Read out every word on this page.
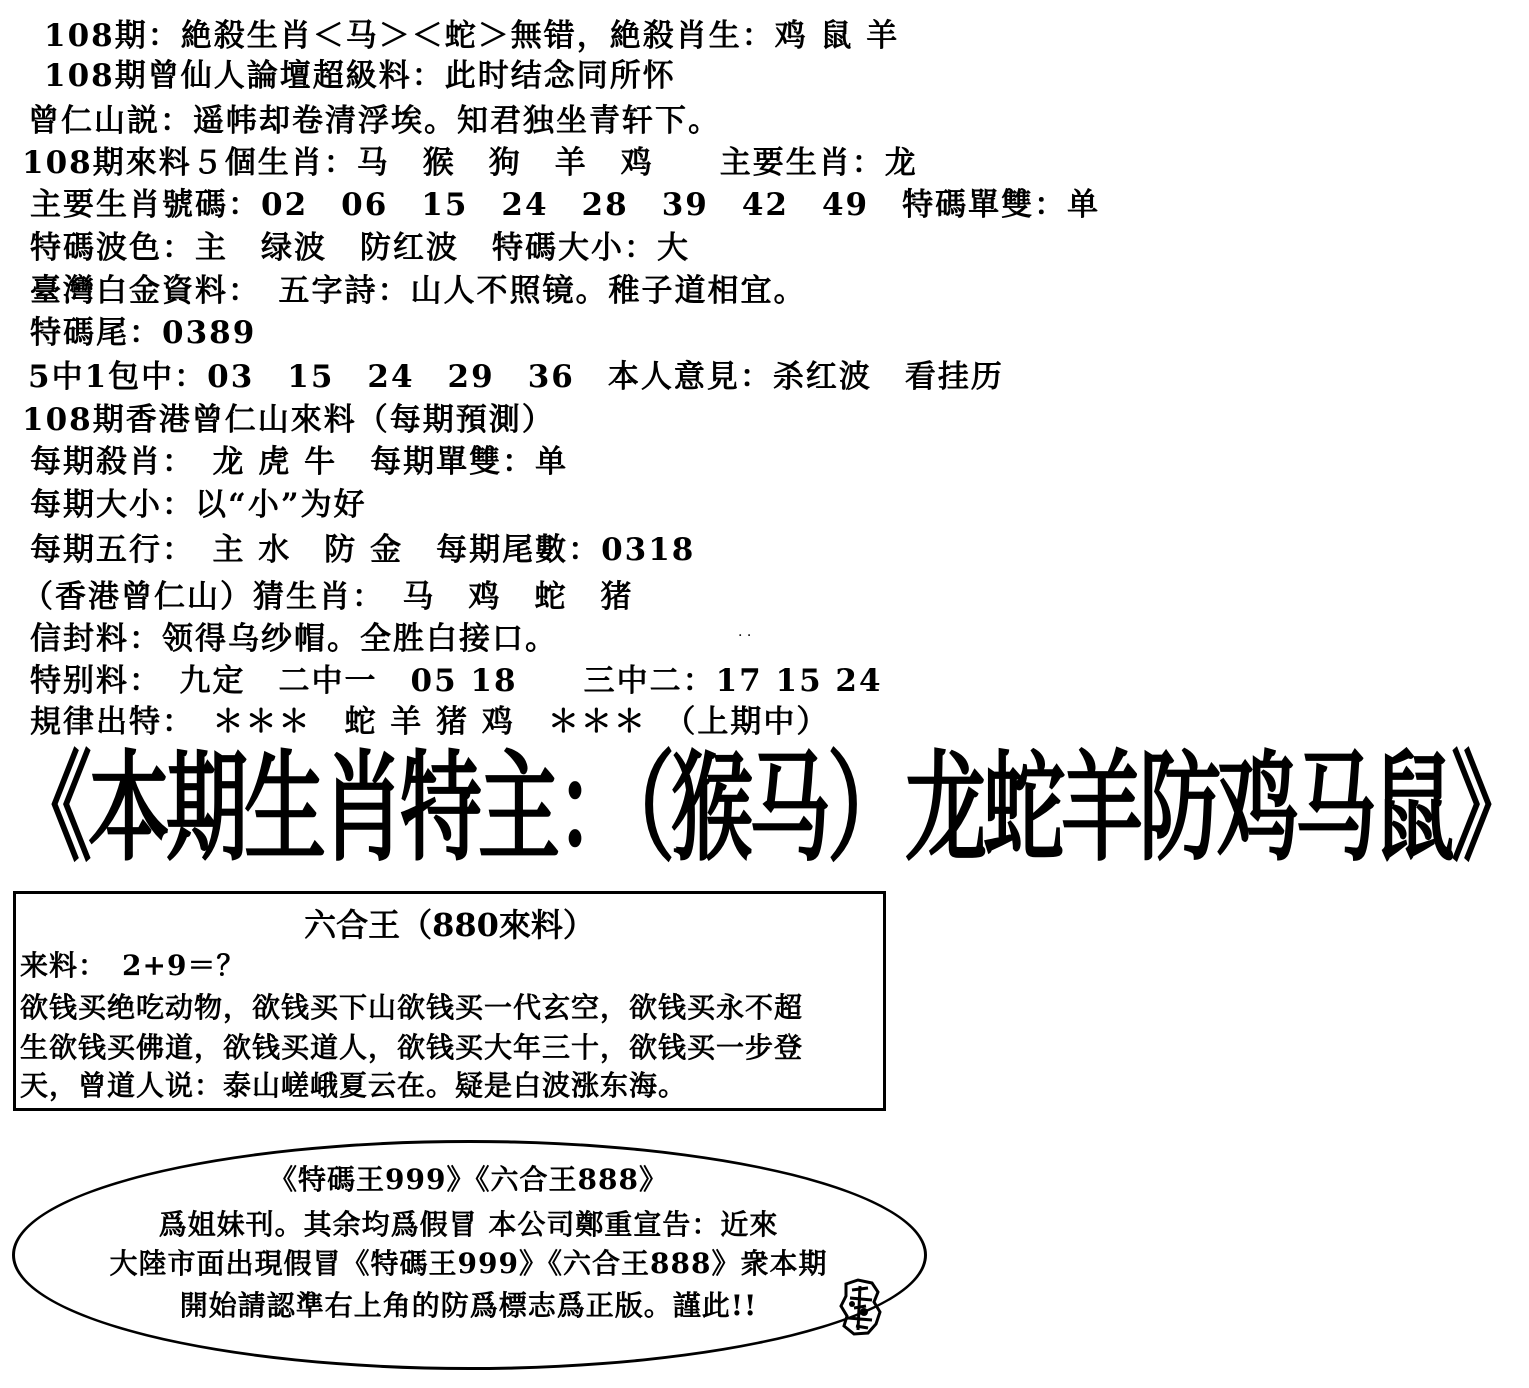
108期：絶殺生肖＜马＞＜蛇＞無错，絶殺肖生：鸡 鼠 羊
108期曾仙人論壇超級料：此时结念同所怀
曾仁山説：遥帏却卷清浮埃。知君独坐青轩下。
108期來料５個生肖：马　猴　狗　羊　鸡　　主要生肖：龙
主要生肖號碼：02　06　15　24　28　39　42　49　特碼單雙：单
特碼波色：主　绿波　防红波　特碼大小：大
臺灣白金資料：　五字詩：山人不照镜。稚子道相宜。
特碼尾：0389
5中1包中：03　15　24　29　36　本人意見：杀红波　看挂历
108期香港曾仁山來料（每期預測）
每期殺肖：　龙 虎 牛　每期單雙：单
每期大小：以“小”为好
每期五行：　主 水　防 金　每期尾數：0318
（香港曾仁山）猜生肖：　马　鸡　蛇　猪
信封料：领得乌纱帽。全胜白接口。
特别料：　九定　二中一　05 18　　三中二：17 15 24
規律出特：　＊＊＊　蛇 羊 猪 鸡　＊＊＊　（上期中）
· ·
《本期生肖特主：（猴马）龙蛇羊防鸡马鼠》
六合王（880來料）
来料：　2+9＝？
欲钱买绝吃动物，欲钱买下山欲钱买一代玄空，欲钱买永不超
生欲钱买佛道，欲钱买道人，欲钱买大年三十，欲钱买一步登
天，曾道人说：泰山嵯峨夏云在。疑是白波涨东海。
《特碼王999》《六合王888》
爲姐妹刊。其余均爲假冒 本公司鄭重宣告：近來
大陸市面出現假冒《特碼王999》《六合王888》衆本期
開始請認準右上角的防爲標志爲正版。謹此!!
